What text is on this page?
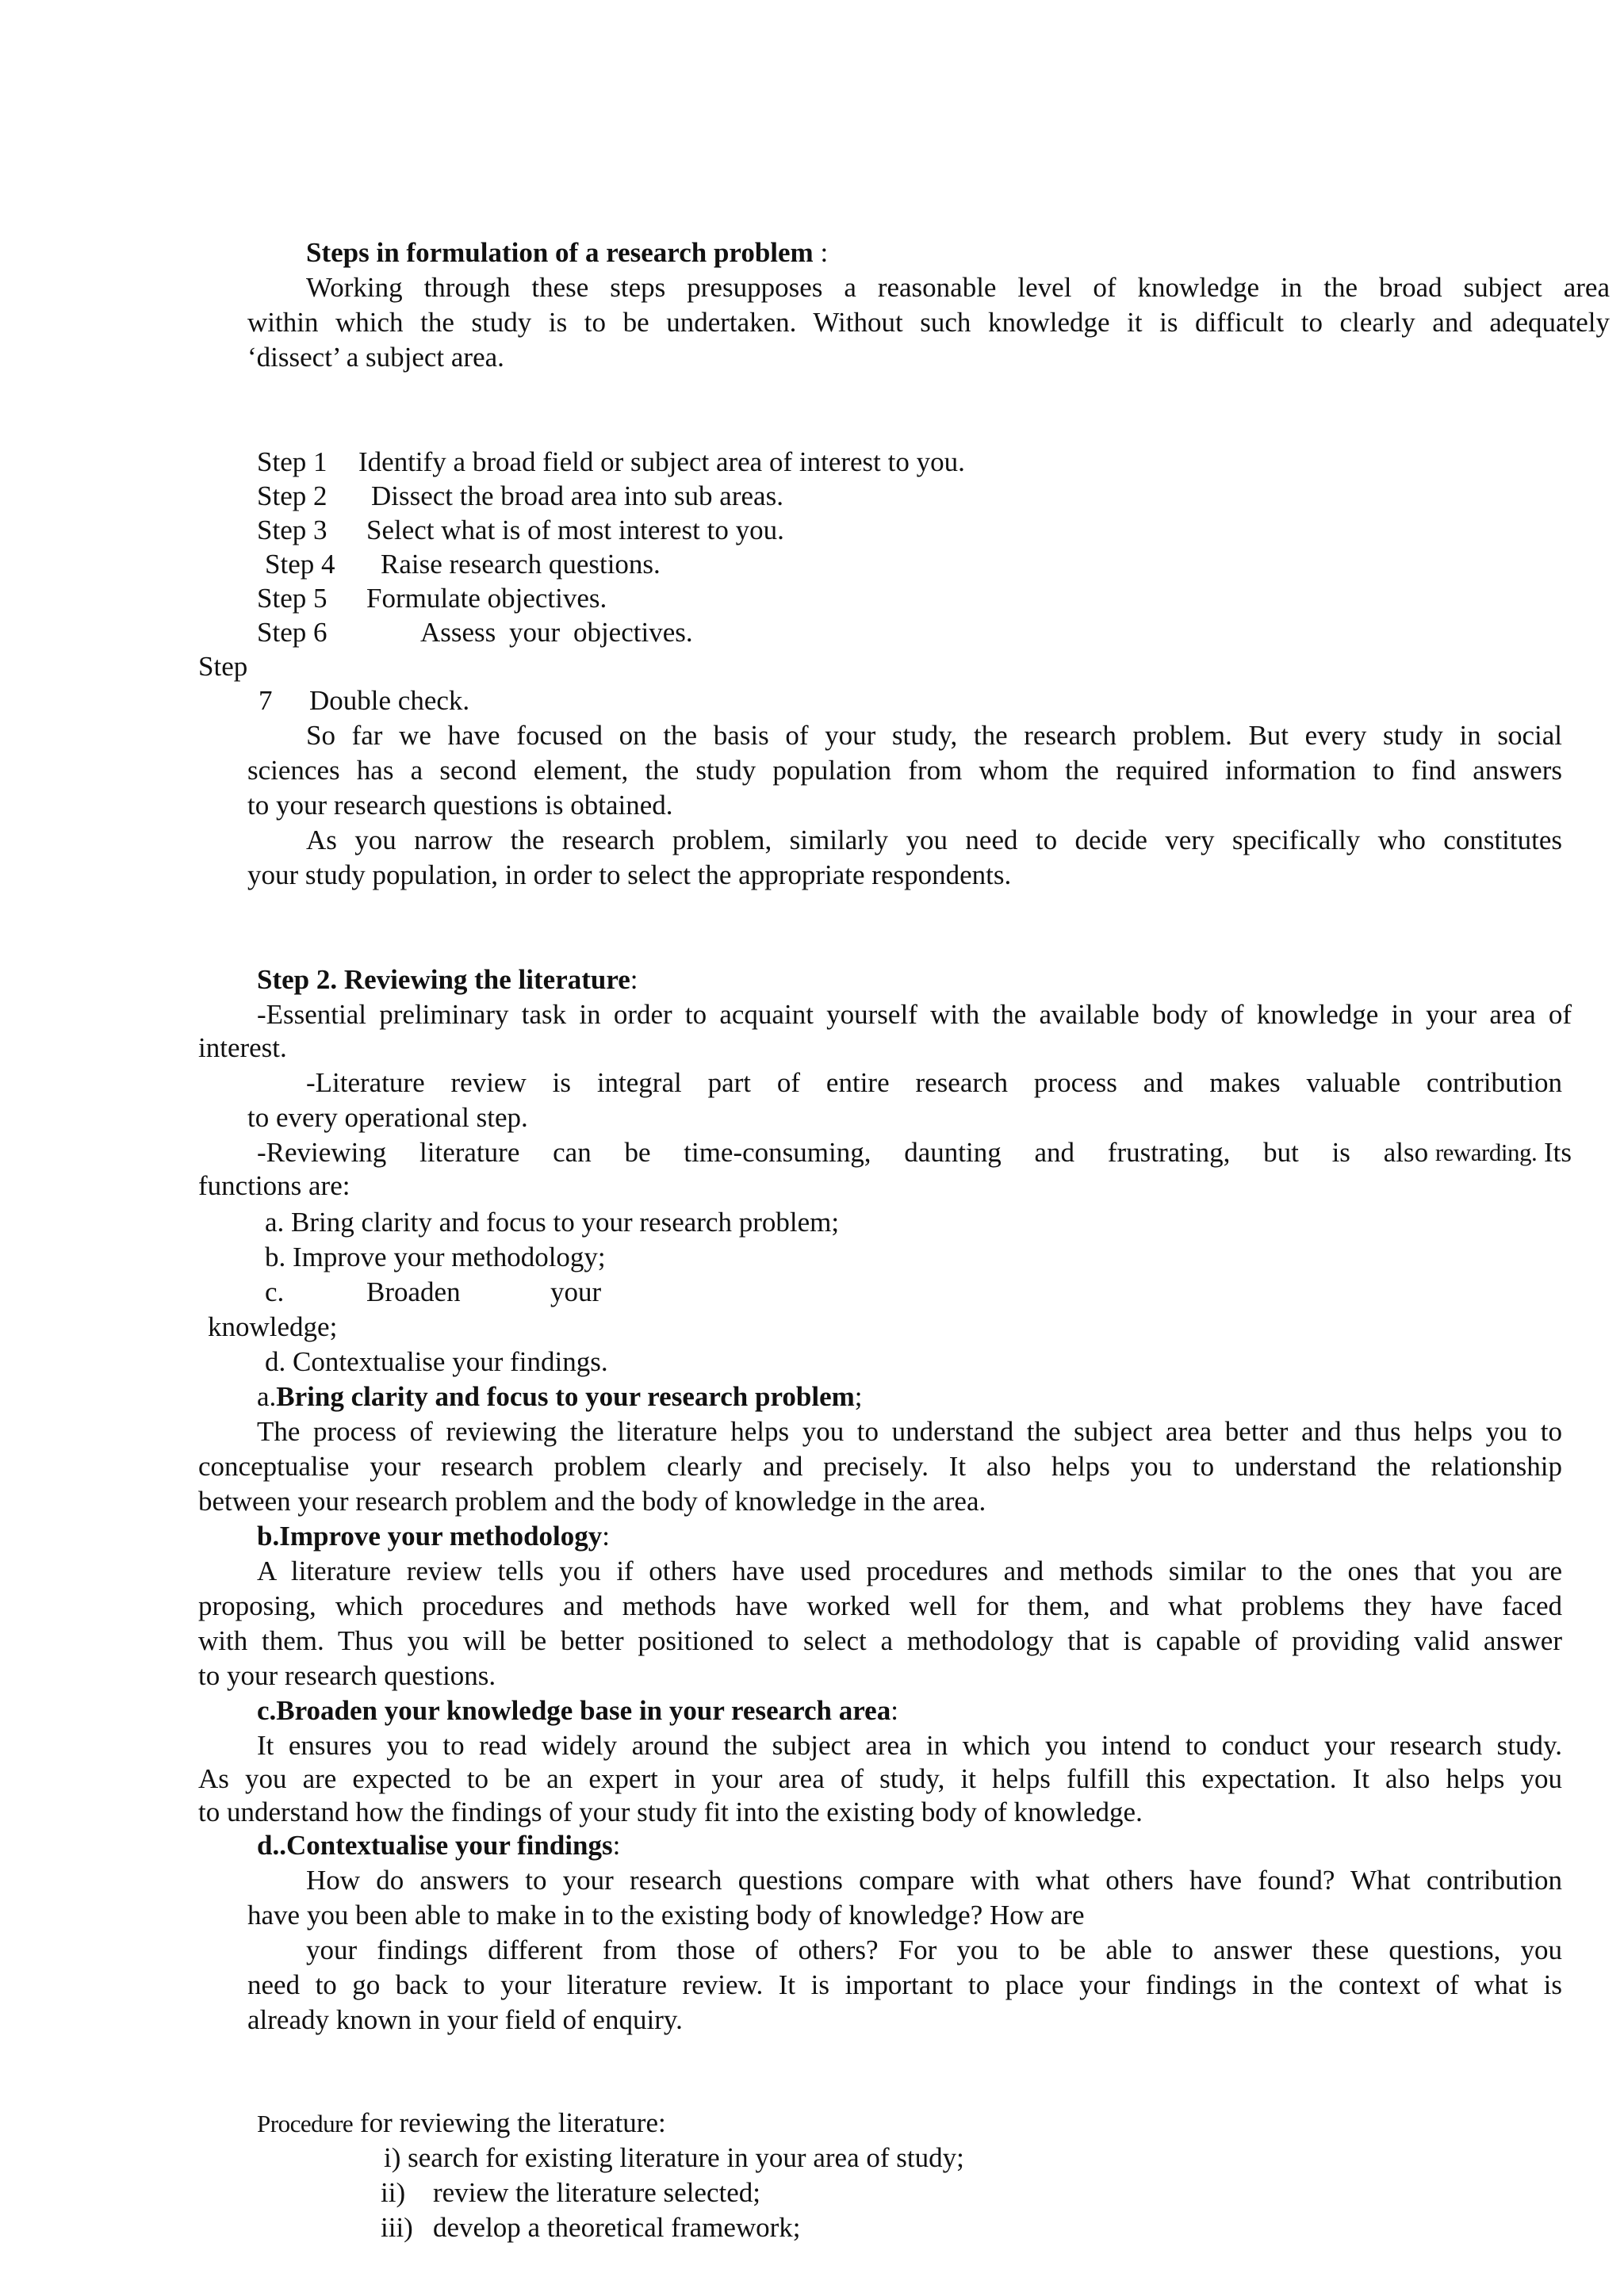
Steps in formulation of a research problem :

Working through these steps presupposes a reasonable level of knowledge in the broad subject area

within which the study is to be undertaken. Without such knowledge it is difficult to clearly and adequately

‘dissect’ a subject area.

Step 1 Identify a broad field or subject area of interest to you.

Step 2 Dissect the broad area into sub areas.

Step 3 Select what is of most interest to you.

Step 4 Raise research questions.

Step 5 Formulate objectives.

Step 6	Assess your objectives.

Step

7 Double check.

So far we have focused on the basis of your study, the research problem. But every study in social

sciences has a second element, the study population from whom the required information to find answers

to your research questions is obtained.

As you narrow the research problem, similarly you need to decide very specifically who constitutes

your study population, in order to select the appropriate respondents.

Step 2. Reviewing the literature:

-Essential preliminary task in order to acquaint yourself with the available body of knowledge in your area of

interest.

-Literature review is integral part of entire research process and makes valuable contribution

to every operational step.

-Reviewing literature can be time-consuming, daunting and frustrating, but is also
rewarding. Its

functions are:

a. Bring clarity and focus to your research problem;

b. Improve your methodology;

c.	Broaden	your

knowledge;

d. Contextualise your findings.

a.Bring clarity and focus to your research problem;

The process of reviewing the literature helps you to understand the subject area better and thus helps you to

conceptualise your research problem clearly and precisely. It also helps you to understand the relationship

between your research problem and the body of knowledge in the area.

b.Improve your methodology:

A literature review tells you if others have used procedures and methods similar to the ones that you are

proposing, which procedures and methods have worked well for them, and what problems they have faced

with them. Thus you will be better positioned to select a methodology that is capable of providing valid answer

to your research questions.

c.Broaden your knowledge base in your research area:

It ensures you to read widely around the subject area in which you intend to conduct your research study.

As you are expected to be an expert in your area of study, it helps fulfill this expectation. It also helps you

to understand how the findings of your study fit into the existing body of knowledge.

d..Contextualise your findings:

How do answers to your research questions compare with what others have found? What contribution

have you been able to make in to the existing body of knowledge? How are

your findings different from those of others? For you to be able to answer these questions, you

need to go back to your literature review. It is important to place your findings in the context of what is

already known in your field of enquiry.

Procedure for reviewing the literature:

i) search for existing literature in your area of study;

ii) review the literature selected;

iii) develop a theoretical framework;
